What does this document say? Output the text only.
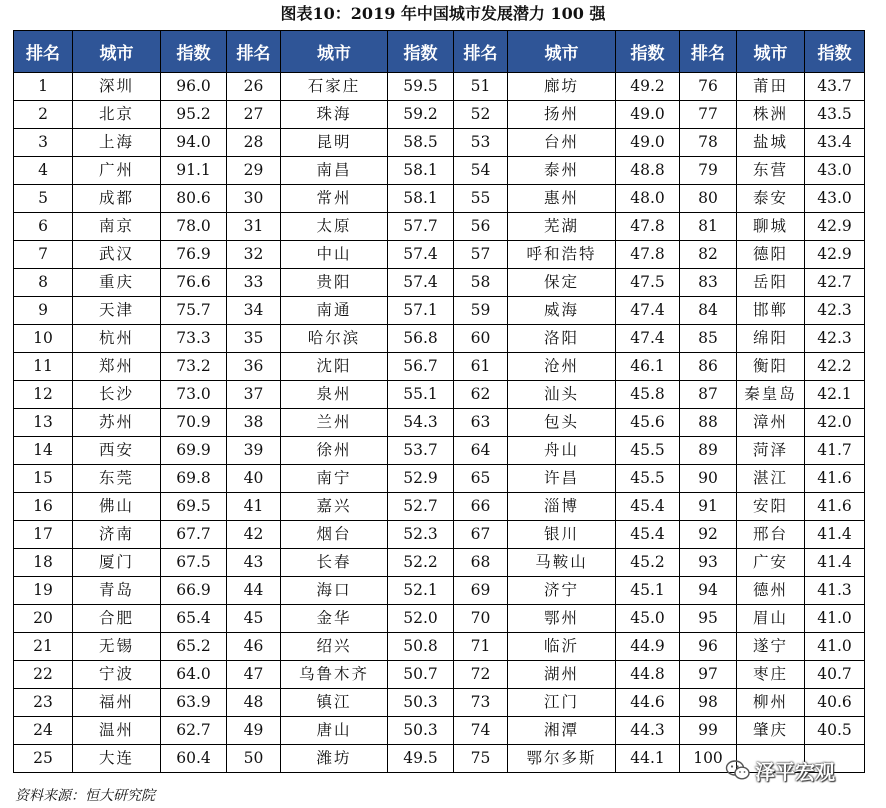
图表10：2019 年中国城市发展潜力 100 强
排名	城市	指数	排名	城市	指数	排名	城市	指数	排名	城市	指数
1	深圳	96.0	26	石家庄	59.5	51	廊坊	49.2	76	莆田	43.7
2	北京	95.2	27	珠海	59.2	52	扬州	49.0	77	株洲	43.5
3	上海	94.0	28	昆明	58.5	53	台州	49.0	78	盐城	43.4
4	广州	91.1	29	南昌	58.1	54	泰州	48.8	79	东营	43.0
5	成都	80.6	30	常州	58.1	55	惠州	48.0	80	泰安	43.0
6	南京	78.0	31	太原	57.7	56	芜湖	47.8	81	聊城	42.9
7	武汉	76.9	32	中山	57.4	57	呼和浩特	47.8	82	德阳	42.9
8	重庆	76.6	33	贵阳	57.4	58	保定	47.5	83	岳阳	42.7
9	天津	75.7	34	南通	57.1	59	威海	47.4	84	邯郸	42.3
10	杭州	73.3	35	哈尔滨	56.8	60	洛阳	47.4	85	绵阳	42.3
11	郑州	73.2	36	沈阳	56.7	61	沧州	46.1	86	衡阳	42.2
12	长沙	73.0	37	泉州	55.1	62	汕头	45.8	87	秦皇岛	42.1
13	苏州	70.9	38	兰州	54.3	63	包头	45.6	88	漳州	42.0
14	西安	69.9	39	徐州	53.7	64	舟山	45.5	89	菏泽	41.7
15	东莞	69.8	40	南宁	52.9	65	许昌	45.5	90	湛江	41.6
16	佛山	69.5	41	嘉兴	52.7	66	淄博	45.4	91	安阳	41.6
17	济南	67.7	42	烟台	52.3	67	银川	45.4	92	邢台	41.4
18	厦门	67.5	43	长春	52.2	68	马鞍山	45.2	93	广安	41.4
19	青岛	66.9	44	海口	52.1	69	济宁	45.1	94	德州	41.3
20	合肥	65.4	45	金华	52.0	70	鄂州	45.0	95	眉山	41.0
21	无锡	65.2	46	绍兴	50.8	71	临沂	44.9	96	遂宁	41.0
22	宁波	64.0	47	乌鲁木齐	50.7	72	湖州	44.8	97	枣庄	40.7
23	福州	63.9	48	镇江	50.3	73	江门	44.6	98	柳州	40.6
24	温州	62.7	49	唐山	50.3	74	湘潭	44.3	99	肇庆	40.5
25	大连	60.4	50	潍坊	49.5	75	鄂尔多斯	44.1	100		
资料来源：恒大研究院
泽平宏观
